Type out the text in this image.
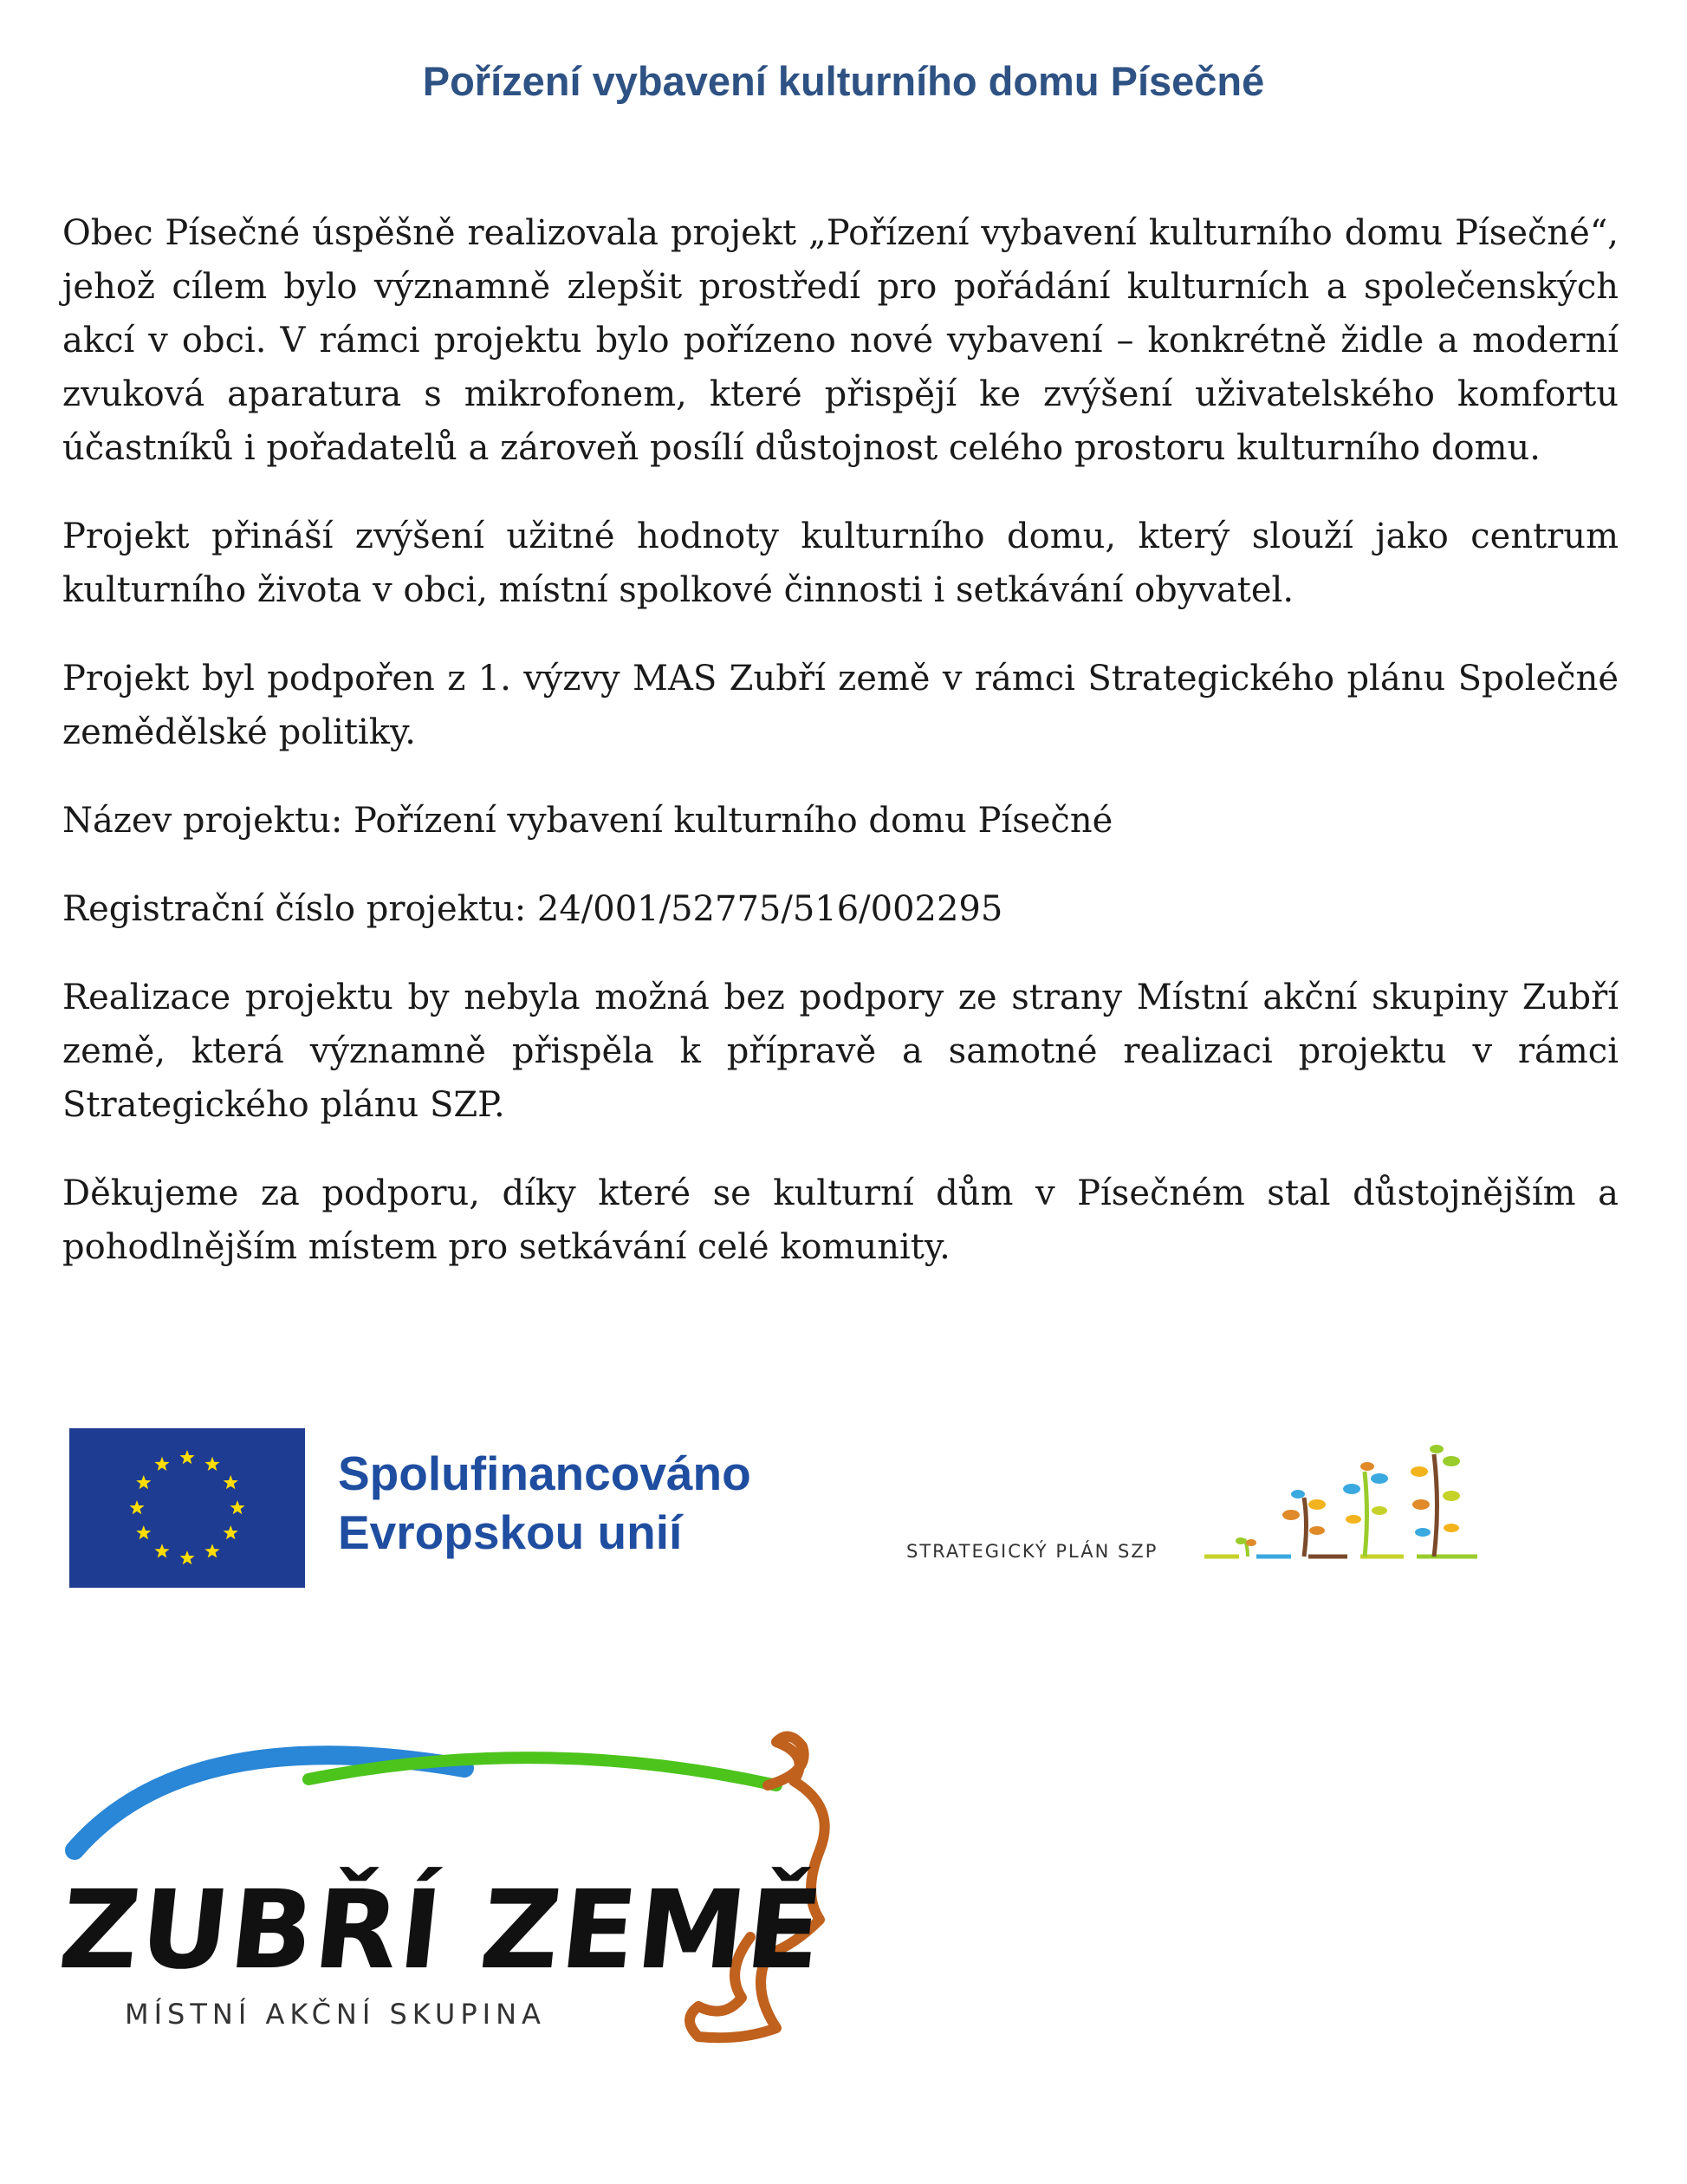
Pořízení vybavení kulturního domu Písečné

Obec Písečné úspěšně realizovala projekt „Pořízení vybavení kulturního domu Písečné“, jehož cílem bylo významně zlepšit prostředí pro pořádání kulturních a společenských akcí v obci. V rámci projektu bylo pořízeno nové vybavení – konkrétně židle a moderní zvuková aparatura s mikrofonem, které přispějí ke zvýšení uživatelského komfortu účastníků i pořadatelů a zároveň posílí důstojnost celého prostoru kulturního domu.

Projekt přináší zvýšení užitné hodnoty kulturního domu, který slouží jako centrum kulturního života v obci, místní spolkové činnosti i setkávání obyvatel.

Projekt byl podpořen z 1. výzvy MAS Zubří země v rámci Strategického plánu Společné zemědělské politiky.

Název projektu: Pořízení vybavení kulturního domu Písečné

Registrační číslo projektu: 24/001/52775/516/002295

Realizace projektu by nebyla možná bez podpory ze strany Místní akční skupiny Zubří země, která významně přispěla k přípravě a samotné realizaci projektu v rámci Strategického plánu SZP.

Děkujeme za podporu, díky které se kulturní dům v Písečném stal důstojnějším a pohodlnějším místem pro setkávání celé komunity.

Spolufinancováno
Evropskou unií	STRATEGICKÝ PLÁN SZP
ZUBŘÍ ZEMĚ
MÍSTNÍ AKČNÍ SKUPINA
